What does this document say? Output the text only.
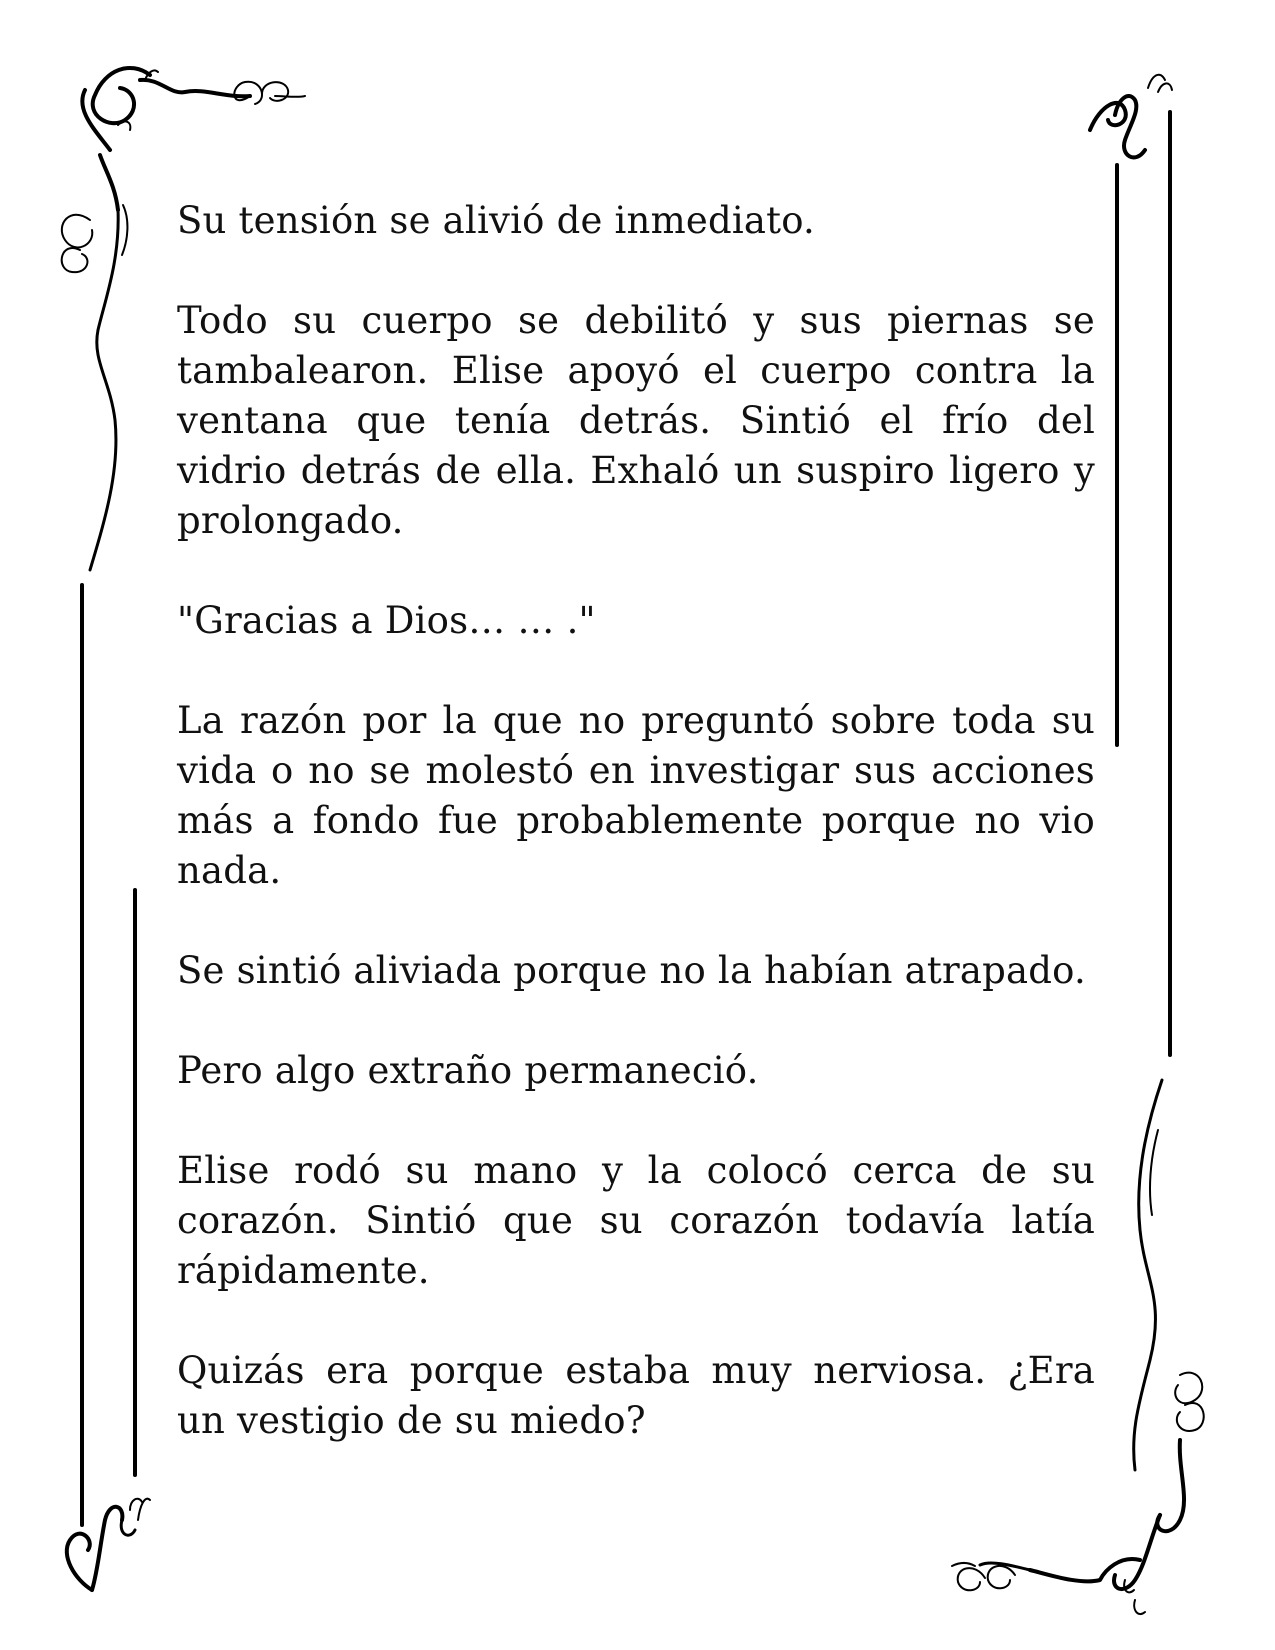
Su tensión se alivió de inmediato.

Todo su cuerpo se debilitó y sus piernas se tambalearon. Elise apoyó el cuerpo contra la ventana que tenía detrás. Sintió el frío del vidrio detrás de ella. Exhaló un suspiro ligero y prolongado.

"Gracias a Dios… … ."

La razón por la que no preguntó sobre toda su vida o no se molestó en investigar sus acciones más a fondo fue probablemente porque no vio nada.

Se sintió aliviada porque no la habían atrapado.

Pero algo extraño permaneció.

Elise rodó su mano y la colocó cerca de su corazón. Sintió que su corazón todavía latía rápidamente.

Quizás era porque estaba muy nerviosa. ¿Era un vestigio de su miedo?
